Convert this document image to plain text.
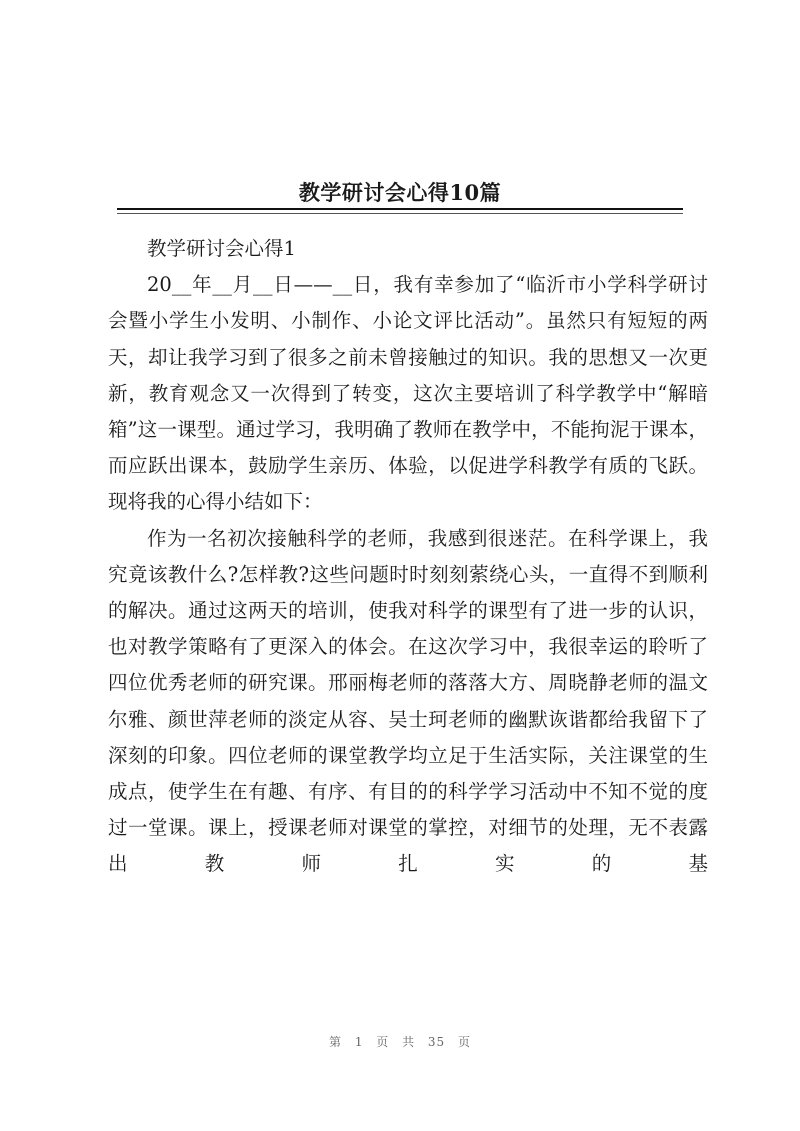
教学研讨会心得10篇

教学研讨会心得1

20__年__月__日——__日，我有幸参加了“临沂市小学科学研讨会暨小学生小发明、小制作、小论文评比活动”。虽然只有短短的两天，却让我学习到了很多之前未曾接触过的知识。我的思想又一次更新，教育观念又一次得到了转变，这次主要培训了科学教学中“解暗箱”这一课型。通过学习，我明确了教师在教学中，不能拘泥于课本，而应跃出课本，鼓励学生亲历、体验，以促进学科教学有质的飞跃。现将我的心得小结如下：

作为一名初次接触科学的老师，我感到很迷茫。在科学课上，我究竟该教什么?怎样教?这些问题时时刻刻萦绕心头，一直得不到顺利的解决。通过这两天的培训，使我对科学的课型有了进一步的认识，也对教学策略有了更深入的体会。在这次学习中，我很幸运的聆听了四位优秀老师的研究课。邢丽梅老师的落落大方、周晓静老师的温文尔雅、颜世萍老师的淡定从容、吴士珂老师的幽默诙谐都给我留下了深刻的印象。四位老师的课堂教学均立足于生活实际，关注课堂的生成点，使学生在有趣、有序、有目的的科学学习活动中不知不觉的度过一堂课。课上，授课老师对课堂的掌控，对细节的处理，无不表露出教师扎实的基

第 1 页 共 35 页
